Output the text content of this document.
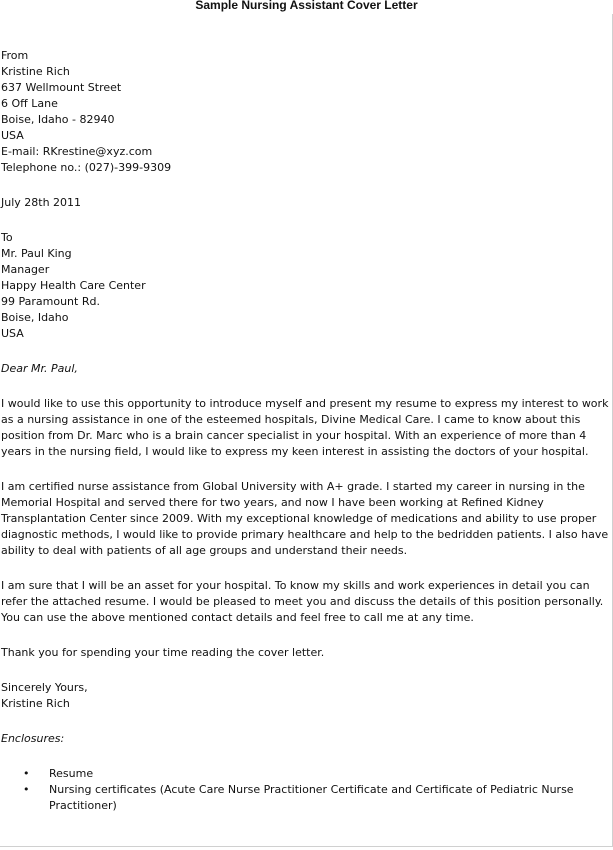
Sample Nursing Assistant Cover Letter
From
Kristine Rich
637 Wellmount Street
6 Off Lane
Boise, Idaho - 82940
USA
E-mail: RKrestine@xyz.com
Telephone no.: (027)-399-9309
July 28th 2011
To
Mr. Paul King
Manager
Happy Health Care Center
99 Paramount Rd.
Boise, Idaho
USA
Dear Mr. Paul,
I would like to use this opportunity to introduce myself and present my resume to express my interest to work
as a nursing assistance in one of the esteemed hospitals, Divine Medical Care. I came to know about this
position from Dr. Marc who is a brain cancer specialist in your hospital. With an experience of more than 4
years in the nursing field, I would like to express my keen interest in assisting the doctors of your hospital.
I am certified nurse assistance from Global University with A+ grade. I started my career in nursing in the
Memorial Hospital and served there for two years, and now I have been working at Refined Kidney
Transplantation Center since 2009. With my exceptional knowledge of medications and ability to use proper
diagnostic methods, I would like to provide primary healthcare and help to the bedridden patients. I also have
ability to deal with patients of all age groups and understand their needs.
I am sure that I will be an asset for your hospital. To know my skills and work experiences in detail you can
refer the attached resume. I would be pleased to meet you and discuss the details of this position personally.
You can use the above mentioned contact details and feel free to call me at any time.
Thank you for spending your time reading the cover letter.
Sincerely Yours,
Kristine Rich
Enclosures:
• Resume
• Nursing certificates (Acute Care Nurse Practitioner Certificate and Certificate of Pediatric Nurse
Practitioner)
